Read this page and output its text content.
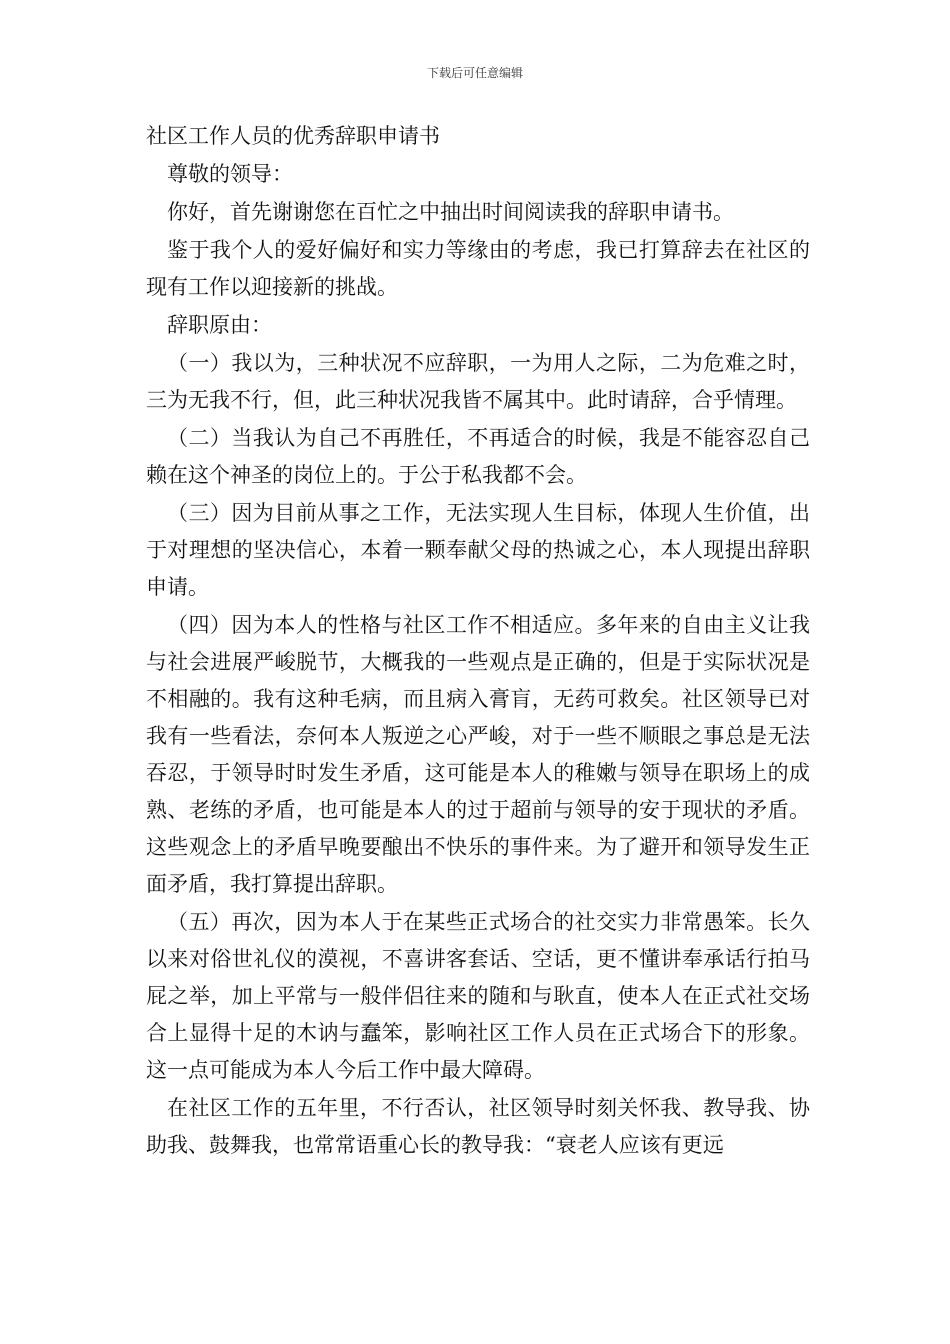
下载后可任意编辑
社区工作人员的优秀辞职申请书
尊敬的领导：
你好，首先谢谢您在百忙之中抽出时间阅读我的辞职申请书。
鉴于我个人的爱好偏好和实力等缘由的考虑，我已打算辞去在社区的现有工作以迎接新的挑战。
辞职原由：
（一）我以为，三种状况不应辞职，一为用人之际，二为危难之时，三为无我不行，但，此三种状况我皆不属其中。此时请辞，合乎情理。
（二）当我认为自己不再胜任，不再适合的时候，我是不能容忍自己赖在这个神圣的岗位上的。于公于私我都不会。
（三）因为目前从事之工作，无法实现人生目标，体现人生价值，出于对理想的坚决信心，本着一颗奉献父母的热诚之心，本人现提出辞职申请。
（四）因为本人的性格与社区工作不相适应。多年来的自由主义让我与社会进展严峻脱节，大概我的一些观点是正确的，但是于实际状况是不相融的。我有这种毛病，而且病入膏肓，无药可救矣。社区领导已对我有一些看法，奈何本人叛逆之心严峻，对于一些不顺眼之事总是无法吞忍，于领导时时发生矛盾，这可能是本人的稚嫩与领导在职场上的成熟、老练的矛盾，也可能是本人的过于超前与领导的安于现状的矛盾。这些观念上的矛盾早晚要酿出不快乐的事件来。为了避开和领导发生正面矛盾，我打算提出辞职。
（五）再次，因为本人于在某些正式场合的社交实力非常愚笨。长久以来对俗世礼仪的漠视，不喜讲客套话、空话，更不懂讲奉承话行拍马屁之举，加上平常与一般伴侣往来的随和与耿直，使本人在正式社交场合上显得十足的木讷与蠢笨，影响社区工作人员在正式场合下的形象。这一点可能成为本人今后工作中最大障碍。
在社区工作的五年里，不行否认，社区领导时刻关怀我、教导我、协助我、鼓舞我，也常常语重心长的教导我：“衰老人应该有更远
